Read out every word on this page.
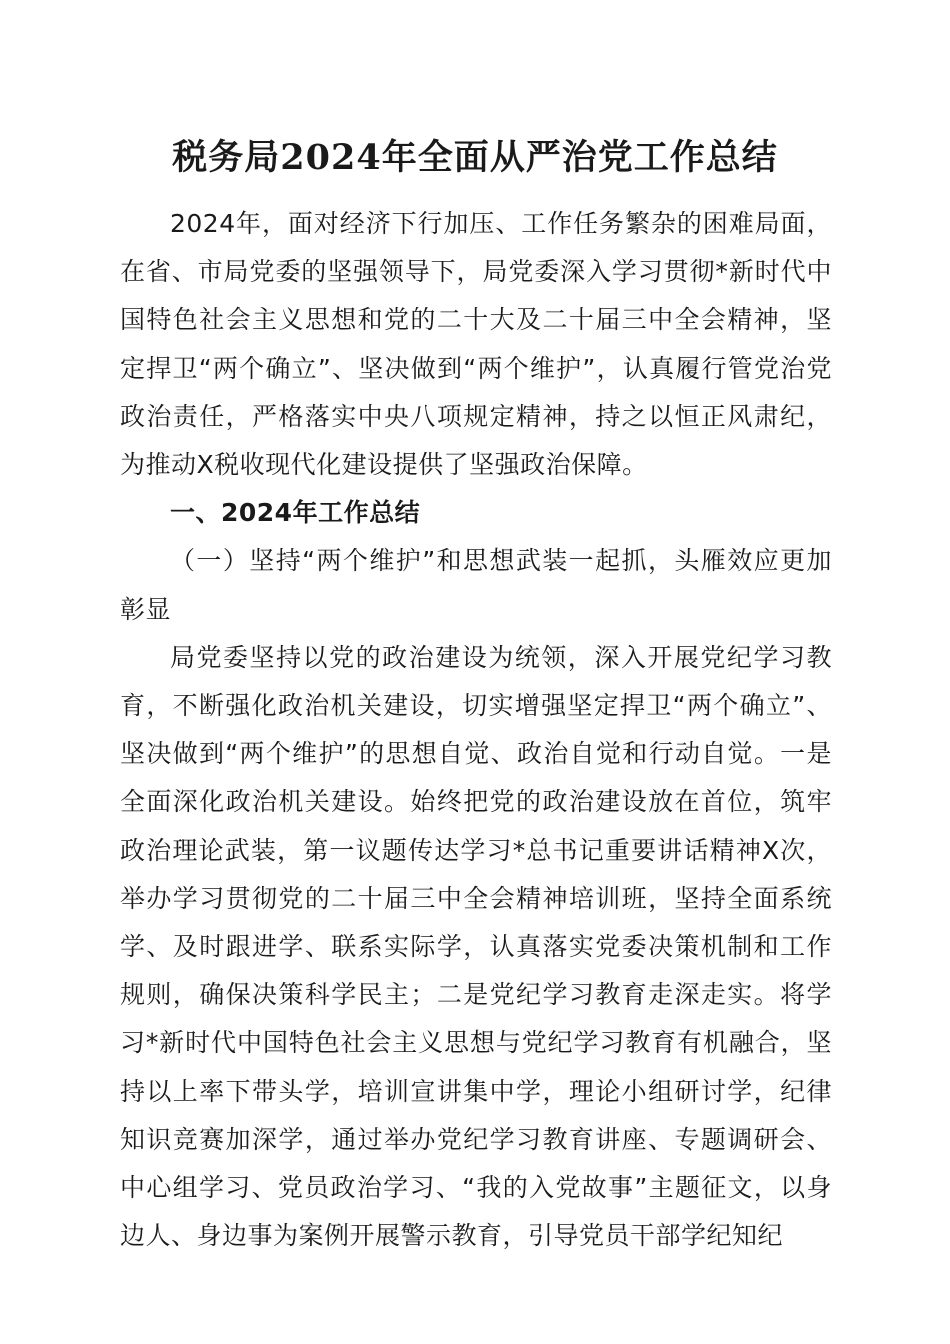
税务局2024年全面从严治党工作总结

2024年，面对经济下行加压、工作任务繁杂的困难局面，在省、市局党委的坚强领导下，局党委深入学习贯彻*新时代中国特色社会主义思想和党的二十大及二十届三中全会精神，坚定捍卫“两个确立”、坚决做到“两个维护”，认真履行管党治党政治责任，严格落实中央八项规定精神，持之以恒正风肃纪，为推动X税收现代化建设提供了坚强政治保障。

一、2024年工作总结

（一）坚持“两个维护”和思想武装一起抓，头雁效应更加彰显

局党委坚持以党的政治建设为统领，深入开展党纪学习教育，不断强化政治机关建设，切实增强坚定捍卫“两个确立”、坚决做到“两个维护”的思想自觉、政治自觉和行动自觉。一是全面深化政治机关建设。始终把党的政治建设放在首位，筑牢政治理论武装，第一议题传达学习*总书记重要讲话精神X次，举办学习贯彻党的二十届三中全会精神培训班，坚持全面系统学、及时跟进学、联系实际学，认真落实党委决策机制和工作规则，确保决策科学民主；二是党纪学习教育走深走实。将学习*新时代中国特色社会主义思想与党纪学习教育有机融合，坚持以上率下带头学，培训宣讲集中学，理论小组研讨学，纪律知识竞赛加深学，通过举办党纪学习教育讲座、专题调研会、中心组学习、党员政治学习、“我的入党故事”主题征文，以身边人、身边事为案例开展警示教育，引导党员干部学纪知纪
